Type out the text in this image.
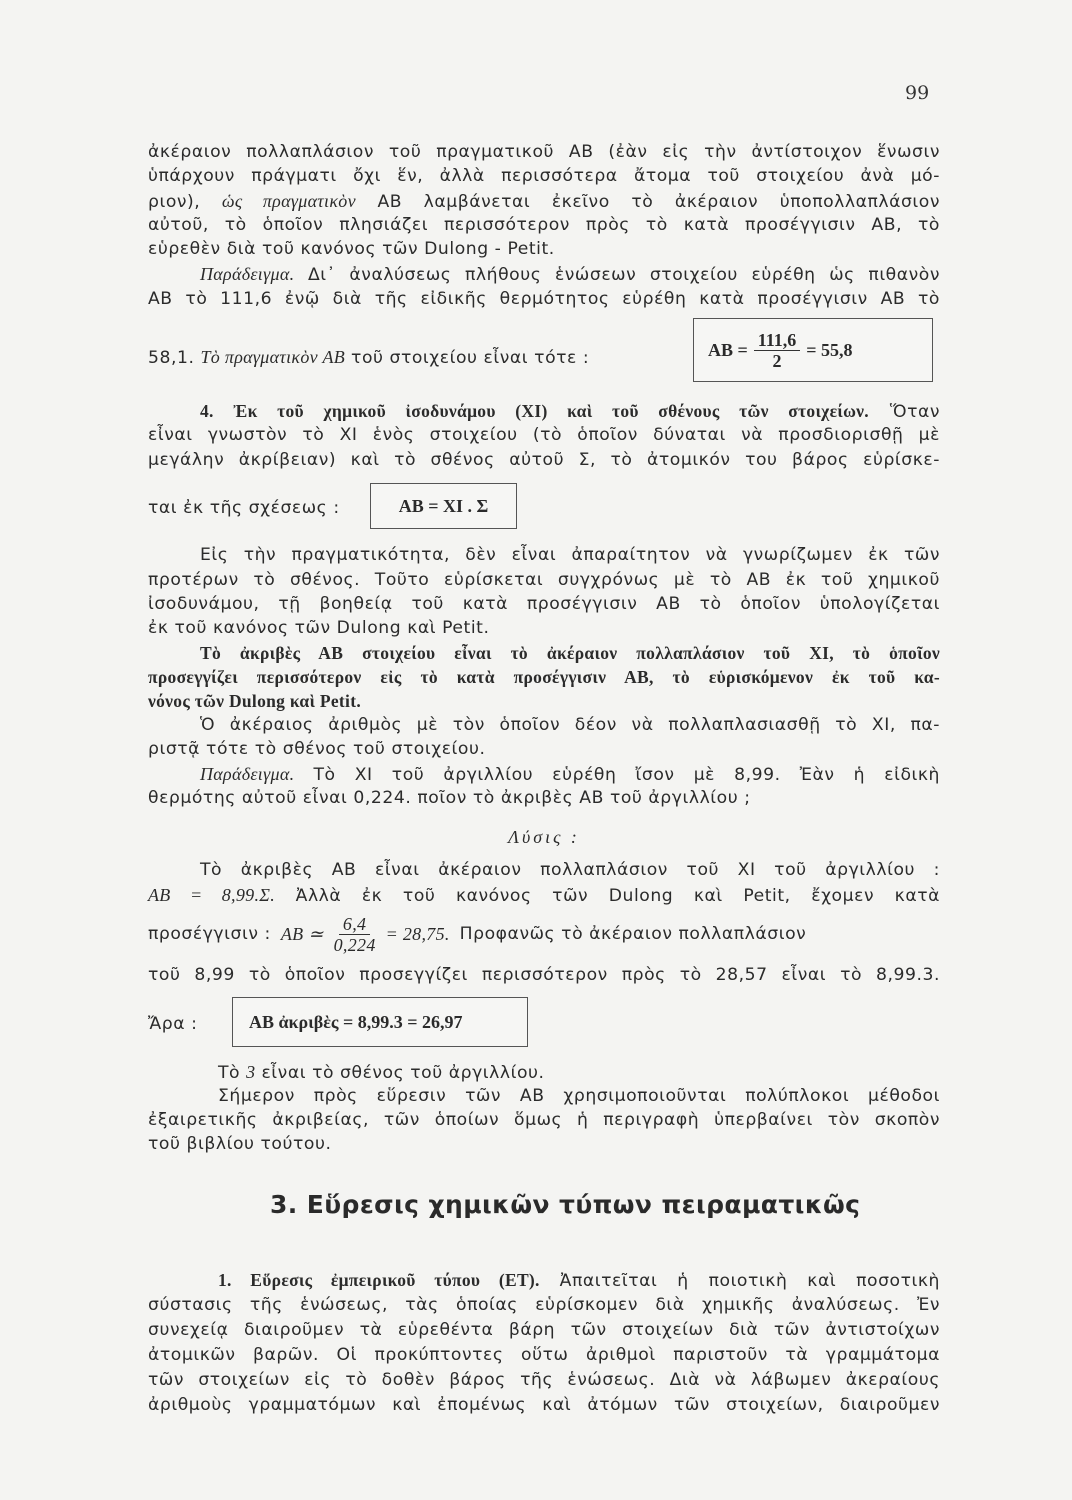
99
ἀκέραιον πολλαπλάσιον τοῦ πραγματικοῦ ΑΒ (ἐὰν εἰς τὴν ἀντίστοιχον ἕνωσιν
ὑπάρχουν πράγματι ὄχι ἕν, ἀλλὰ περισσότερα ἄτομα τοῦ στοιχείου ἀνὰ μό-
ριον), ὡς πραγματικὸν ΑΒ λαμβάνεται ἐκεῖνο τὸ ἀκέραιον ὑποπολλαπλάσιον
αὐτοῦ, τὸ ὁποῖον πλησιάζει περισσότερον πρὸς τὸ κατὰ προσέγγισιν ΑΒ, τὸ
εὑρεθὲν διὰ τοῦ κανόνος τῶν Dulong - Petit.
Παράδειγμα. Δι᾽ ἀναλύσεως πλήθους ἑνώσεων στοιχείου εὑρέθη ὡς πιθανὸν
ΑΒ τὸ 111,6 ἐνῷ διὰ τῆς εἰδικῆς θερμότητος εὑρέθη κατὰ προσέγγισιν ΑΒ τὸ
58,1. Τὸ πραγματικὸν ΑΒ τοῦ στοιχείου εἶναι τότε :	$AB = \frac{111,6}{2} = 55,8$
4. Ἐκ τοῦ χημικοῦ ἰσοδυνάμου (ΧΙ) καὶ τοῦ σθένους τῶν στοιχείων. Ὅταν
εἶναι γνωστὸν τὸ ΧΙ ἑνὸς στοιχείου (τὸ ὁποῖον δύναται νὰ προσδιορισθῇ μὲ
μεγάλην ἀκρίβειαν) καὶ τὸ σθένος αὐτοῦ Σ, τὸ ἀτομικόν του βάρος εὑρίσκε-
ται ἐκ τῆς σχέσεως :	ΑΒ = ΧΙ . Σ
Εἰς τὴν πραγματικότητα, δὲν εἶναι ἀπαραίτητον νὰ γνωρίζωμεν ἐκ τῶν
προτέρων τὸ σθένος. Τοῦτο εὑρίσκεται συγχρόνως μὲ τὸ ΑΒ ἐκ τοῦ χημικοῦ
ἰσοδυνάμου, τῇ βοηθείᾳ τοῦ κατὰ προσέγγισιν ΑΒ τὸ ὁποῖον ὑπολογίζεται
ἐκ τοῦ κανόνος τῶν Dulong καὶ Petit.
Τὸ ἀκριβὲς ΑΒ στοιχείου εἶναι τὸ ἀκέραιον πολλαπλάσιον τοῦ ΧΙ, τὸ ὁποῖον
προσεγγίζει περισσότερον εἰς τὸ κατὰ προσέγγισιν ΑΒ, τὸ εὑρισκόμενον ἐκ τοῦ κα-
νόνος τῶν Dulong καὶ Petit.
Ὁ ἀκέραιος ἀριθμὸς μὲ τὸν ὁποῖον δέον νὰ πολλαπλασιασθῇ τὸ ΧΙ, πα-
ριστᾷ τότε τὸ σθένος τοῦ στοιχείου.
Παράδειγμα. Τὸ ΧΙ τοῦ ἀργιλλίου εὑρέθη ἴσον μὲ 8,99. Ἐὰν ἡ εἰδικὴ
θερμότης αὐτοῦ εἶναι 0,224. ποῖον τὸ ἀκριβὲς ΑΒ τοῦ ἀργιλλίου ;
Λύσις :
Τὸ ἀκριβὲς ΑΒ εἶναι ἀκέραιον πολλαπλάσιον τοῦ ΧΙ τοῦ ἀργιλλίου :
ΑΒ = 8,99.Σ. Ἀλλὰ ἐκ τοῦ κανόνος τῶν Dulong καὶ Petit, ἔχομεν κατὰ
προσέγγισιν : ΑΒ ≃ $\frac{6,4}{0,224} = 28,75$. Προφανῶς τὸ ἀκέραιον πολλαπλάσιον
τοῦ 8,99 τὸ ὁποῖον προσεγγίζει περισσότερον πρὸς τὸ 28,57 εἶναι τὸ 8,99.3.
Ἄρα :	ΑΒ ἀκριβὲς = 8,99.3 = 26,97
Τὸ 3 εἶναι τὸ σθένος τοῦ ἀργιλλίου.
Σήμερον πρὸς εὕρεσιν τῶν ΑΒ χρησιμοποιοῦνται πολύπλοκοι μέθοδοι
ἐξαιρετικῆς ἀκριβείας, τῶν ὁποίων ὅμως ἡ περιγραφὴ ὑπερβαίνει τὸν σκοπὸν
τοῦ βιβλίου τούτου.
3. Εὕρεσις χημικῶν τύπων πειραματικῶς
1. Εὕρεσις ἐμπειρικοῦ τύπου (ΕΤ). Ἀπαιτεῖται ἡ ποιοτικὴ καὶ ποσοτικὴ
σύστασις τῆς ἑνώσεως, τὰς ὁποίας εὑρίσκομεν διὰ χημικῆς ἀναλύσεως. Ἐν
συνεχείᾳ διαιροῦμεν τὰ εὑρεθέντα βάρη τῶν στοιχείων διὰ τῶν ἀντιστοίχων
ἀτομικῶν βαρῶν. Οἱ προκύπτοντες οὕτω ἀριθμοὶ παριστοῦν τὰ γραμμάτομα
τῶν στοιχείων εἰς τὸ δοθὲν βάρος τῆς ἑνώσεως. Διὰ νὰ λάβωμεν ἀκεραίους
ἀριθμοὺς γραμματόμων καὶ ἐπομένως καὶ ἀτόμων τῶν στοιχείων, διαιροῦμεν
